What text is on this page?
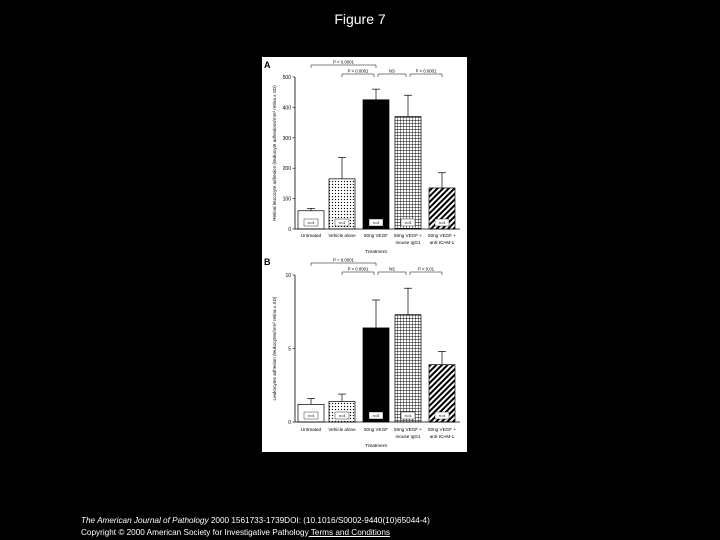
Figure 7
A
0
100
200
300
400
500
Retinal leucocyte adhesion (leukocyte adhesions/mm² retina ± SD)
n=4
Untreated
n=4
Vehicle alone
n=4
50ng VEGF
n=5
50ng VEGF +
mouse IgG1
n=4
50ng VEGF +
anti-ICAM-1
Treatment
P < 0.0001
P < 0.0001	NS	P < 0.0001
B
0
5
10
Leukocytes adhesion (leukocytes/mm² retina ± SD)
n=4
Untreated
n=4
Vehicle alone
n=5
50ng VEGF
n=4
50ng VEGF +
mouse IgG1
n=4
50ng VEGF +
anti-ICAM-1
Treatment
P = 0.0001
P < 0.0001	NS	P < 0.01
The American Journal of Pathology 2000 1561733-1739DOI: (10.1016/S0002-9440(10)65044-4)
Copyright © 2000 American Society for Investigative Pathology Terms and Conditions
